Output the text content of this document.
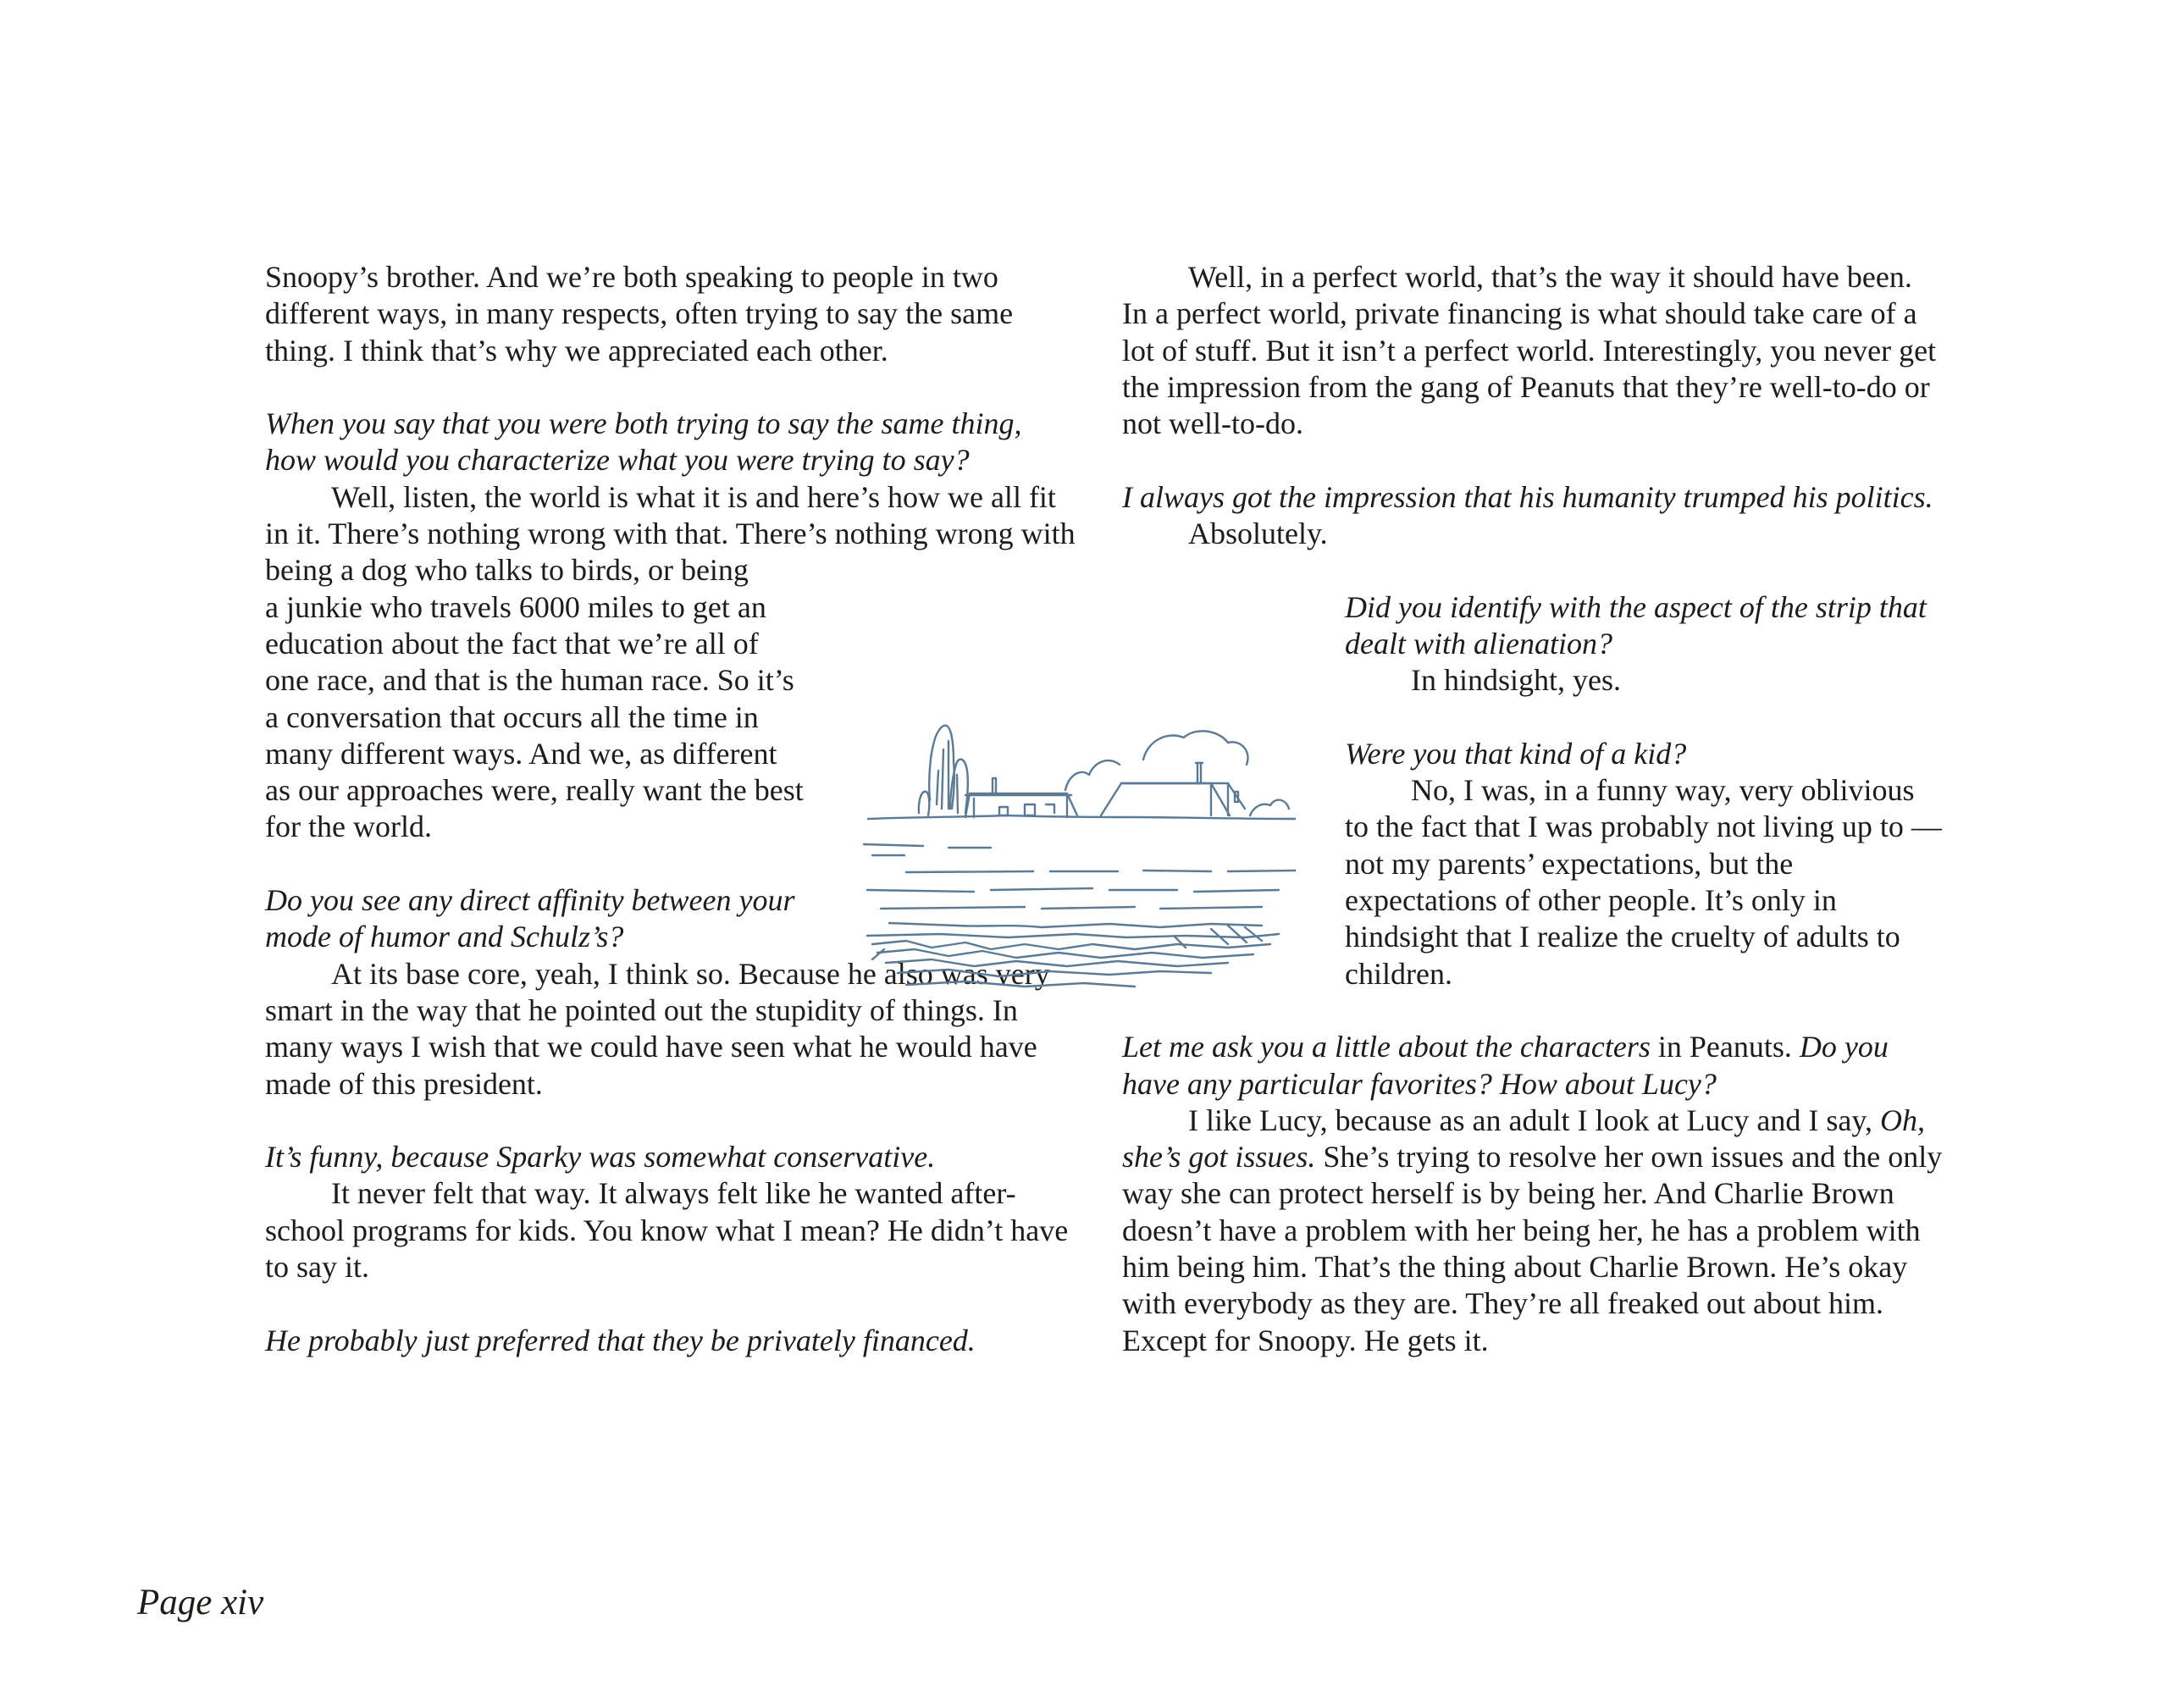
Snoopy’s brother. And we’re both speaking to people in two different ways, in many respects, often trying to say the same thing. I think that’s why we appreciated each other.

When you say that you were both trying to say the same thing, how would you characterize what you were trying to say?

Well, listen, the world is what it is and here’s how we all fit in it. There’s nothing wrong with that. There’s nothing wrong with being a dog who talks to birds, or being

a junkie who travels 6000 miles to get an education about the fact that we’re all of one race, and that is the human race. So it’s a conversation that occurs all the time in many different ways. And we, as different as our approaches were, really want the best for the world.

Do you see any direct affinity between your mode of humor and Schulz’s?

At its base core, yeah, I think so. Because he also was very smart in the way that he pointed out the stupidity of things. In many ways I wish that we could have seen what he would have made of this president.

It’s funny, because Sparky was somewhat conservative.

It never felt that way. It always felt like he wanted after-school programs for kids. You know what I mean? He didn’t have to say it.

He probably just preferred that they be privately financed.

Well, in a perfect world, that’s the way it should have been. In a perfect world, private financing is what should take care of a lot of stuff. But it isn’t a perfect world. Interestingly, you never get the impression from the gang of Peanuts that they’re well-to-do or not well-to-do.

I always got the impression that his humanity trumped his politics.

Absolutely.

Did you identify with the aspect of the strip that dealt with alienation?

In hindsight, yes.

Were you that kind of a kid?

No, I was, in a funny way, very oblivious to the fact that I was probably not living up to — not my parents’ expectations, but the expectations of other people. It’s only in hindsight that I realize the cruelty of adults to children.

Let me ask you a little about the characters in Peanuts. Do you have any particular favorites? How about Lucy?

I like Lucy, because as an adult I look at Lucy and I say, Oh, she’s got issues. She’s trying to resolve her own issues and the only way she can protect herself is by being her. And Charlie Brown doesn’t have a problem with her being her, he has a problem with him being him. That’s the thing about Charlie Brown. He’s okay with everybody as they are. They’re all freaked out about him. Except for Snoopy. He gets it.

Page xiv
